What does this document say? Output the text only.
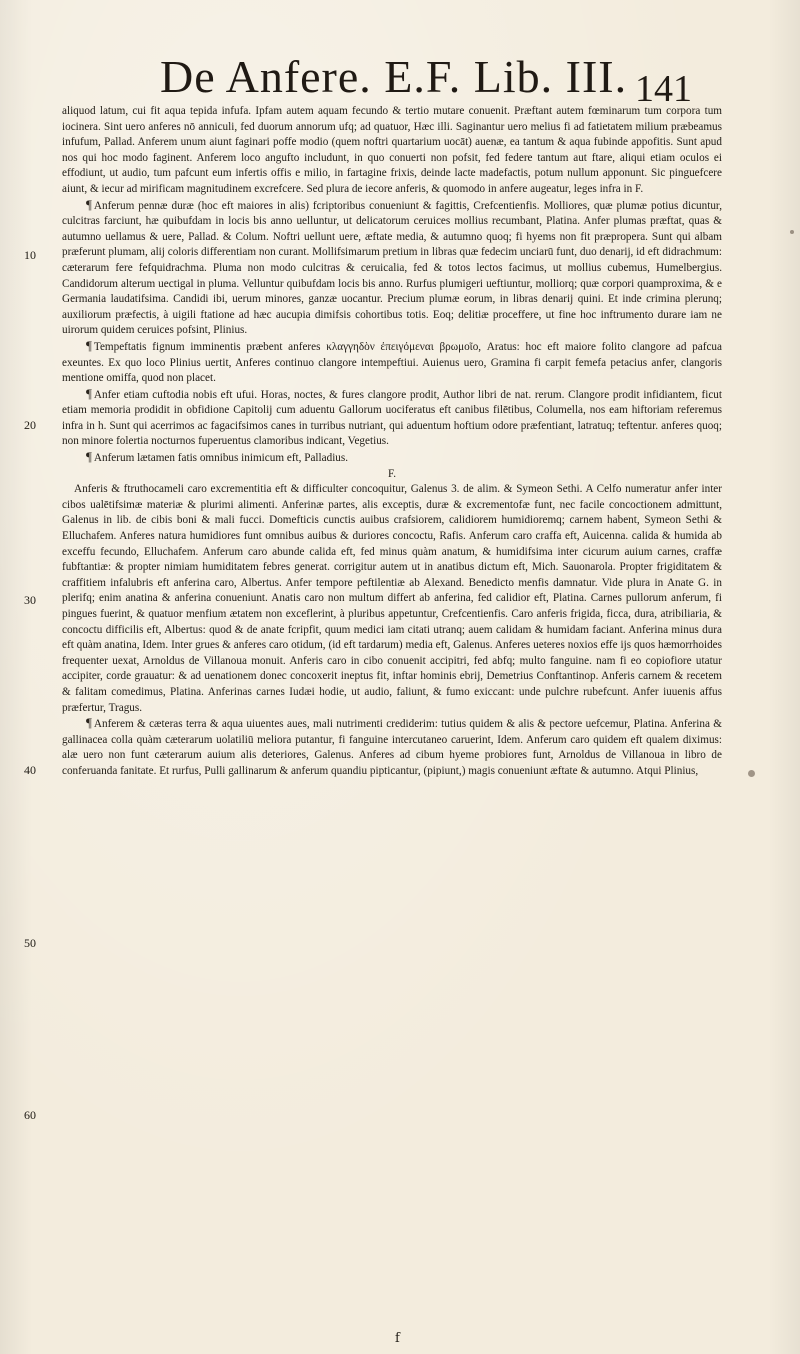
De Anfere. E.F. Lib. III. 141
10
20
30
40
50
60

aliquod latum, cui fit aqua tepida infufa. Ipfam autem aquam fecundo & tertio mutare conuenit. Præftant autem fœminarum tum corpora tum iocinera. Sint uero anferes nō anniculi, fed duorum annorum ufq; ad quatuor, Hæc illi. Saginantur uero melius fi ad fatietatem milium præbeamus infufum, Pallad. Anferem unum aiunt faginari poffe modio (quem noftri quartarium uocāt) auenæ, ea tantum & aqua fubinde appofitis. Sunt apud nos qui hoc modo faginent. Anferem loco angufto includunt, in quo conuerti non pofsit, fed federe tantum aut ftare, aliqui etiam oculos ei effodiunt, ut audio, tum pafcunt eum infertis offis e milio, in fartagine frixis, deinde lacte madefactis, potum nullum apponunt. Sic pinguefcere aiunt, & iecur ad mirificam magnitudinem excrefcere. Sed plura de iecore anferis, & quomodo in anfere augeatur, leges infra in F.

¶ Anferum pennæ duræ (hoc eft maiores in alis) fcriptoribus conueniunt & fagittis, Crefcentienfis. Molliores, quæ plumæ potius dicuntur, culcitras farciunt, hæ quibufdam in locis bis anno uelluntur, ut delicatorum ceruices mollius recumbant, Platina. Anfer plumas præftat, quas & autumno uellamus & uere, Pallad. & Colum. Noftri uellunt uere, æftate media, & autumno quoq; fi hyems non fit præpropera. Sunt qui albam præferunt plumam, alij coloris differentiam non curant. Mollifsimarum pretium in libras quæ fedecim unciarū funt, duo denarij, id eft didrachmum: cæterarum fere fefquidrachma. Pluma non modo culcitras & ceruicalia, fed & totos lectos facimus, ut mollius cubemus, Humelbergius. Candidorum alterum uectigal in pluma. Velluntur quibufdam locis bis anno. Rurfus plumigeri ueftiuntur, molliorq; quæ corpori quamproxima, & e Germania laudatifsima. Candidi ibi, uerum minores, ganzæ uocantur. Precium plumæ eorum, in libras denarij quini. Et inde crimina plerunq; auxiliorum præfectis, à uigili ftatione ad hæc aucupia dimifsis cohortibus totis. Eoq; delitiæ proceffere, ut fine hoc inftrumento durare iam ne uirorum quidem ceruices pofsint, Plinius.

¶ Tempeftatis fignum imminentis præbent anferes κλαγγηδὸν ἐπειγόμεναι βρωμοῖο, Aratus: hoc eft maiore folito clangore ad pafcua exeuntes. Ex quo loco Plinius uertit, Anferes continuo clangore intempeftiui. Auienus uero, Gramina fi carpit femefa petacius anfer, clangoris mentione omiffa, quod non placet.

¶ Anfer etiam cuftodia nobis eft ufui. Horas, noctes, & fures clangore prodit, Author libri de nat. rerum. Clangore prodit infidiantem, ficut etiam memoria prodidit in obfidione Capitolij cum aduentu Gallorum uociferatus eft canibus filētibus, Columella, nos eam hiftoriam referemus infra in h. Sunt qui acerrimos ac fagacifsimos canes in turribus nutriant, qui aduentum hoftium odore præfentiant, latratuq; teftentur. anferes quoq; non minore folertia nocturnos fuperuentus clamoribus indicant, Vegetius.

¶ Anferum lætamen fatis omnibus inimicum eft, Palladius.

F.

Anferis & ftruthocameli caro excrementitia eft & difficulter concoquitur, Galenus 3. de alim. & Symeon Sethi. A Celfo numeratur anfer inter cibos ualētifsimæ materiæ & plurimi alimenti. Anferinæ partes, alis exceptis, duræ & excrementofæ funt, nec facile concoctionem admittunt, Galenus in lib. de cibis boni & mali fucci. Domefticis cunctis auibus crafsiorem, calidiorem humidioremq; carnem habent, Symeon Sethi & Elluchafem. Anferes natura humidiores funt omnibus auibus & duriores concoctu, Rafis. Anferum caro craffa eft, Auicenna. calida & humida ab exceffu fecundo, Elluchafem. Anferum caro abunde calida eft, fed minus quàm anatum, & humidifsima inter cicurum auium carnes, craffæ fubftantiæ: & propter nimiam humiditatem febres generat. corrigitur autem ut in anatibus dictum eft, Mich. Sauonarola. Propter frigiditatem & craffitiem infalubris eft anferina caro, Albertus. Anfer tempore peftilentiæ ab Alexand. Benedicto menfis damnatur. Vide plura in Anate G. in plerifq; enim anatina & anferina conueniunt. Anatis caro non multum differt ab anferina, fed calidior eft, Platina. Carnes pullorum anferum, fi pingues fuerint, & quatuor menfium ætatem non exceflerint, à pluribus appetuntur, Crefcentienfis. Caro anferis frigida, ficca, dura, atribiliaria, & concoctu difficilis eft, Albertus: quod & de anate fcripfit, quum medici iam citati utranq; auem calidam & humidam faciant. Anferina minus dura eft quàm anatina, Idem. Inter grues & anferes caro otidum, (id eft tardarum) media eft, Galenus. Anferes ueteres noxios effe ijs quos hæmorrhoides frequenter uexat, Arnoldus de Villanoua monuit. Anferis caro in cibo conuenit accipitri, fed abfq; multo fanguine. nam fi eo copiofiore utatur accipiter, corde grauatur: & ad uenationem donec concoxerit ineptus fit, inftar hominis ebrij, Demetrius Conftantinop. Anferis carnem & recetem & falitam comedimus, Platina. Anferinas carnes Iudæi hodie, ut audio, faliunt, & fumo exiccant: unde pulchre rubefcunt. Anfer iuuenis affus præfertur, Tragus.

¶ Anferem & cæteras terra & aqua uiuentes aues, mali nutrimenti crediderim: tutius quidem & alis & pectore uefcemur, Platina. Anferina & gallinacea colla quàm cæterarum uolatiliū meliora putantur, fi fanguine intercutaneo caruerint, Idem. Anferum caro quidem eft qualem diximus: alæ uero non funt cæterarum auium alis deteriores, Galenus. Anferes ad cibum hyeme probiores funt, Arnoldus de Villanoua in libro de conferuanda fanitate. Et rurfus, Pulli gallinarum & anferum quandiu pipticantur, (pipiunt,) magis conueniunt æftate & autumno. Atqui Plinius,

f
